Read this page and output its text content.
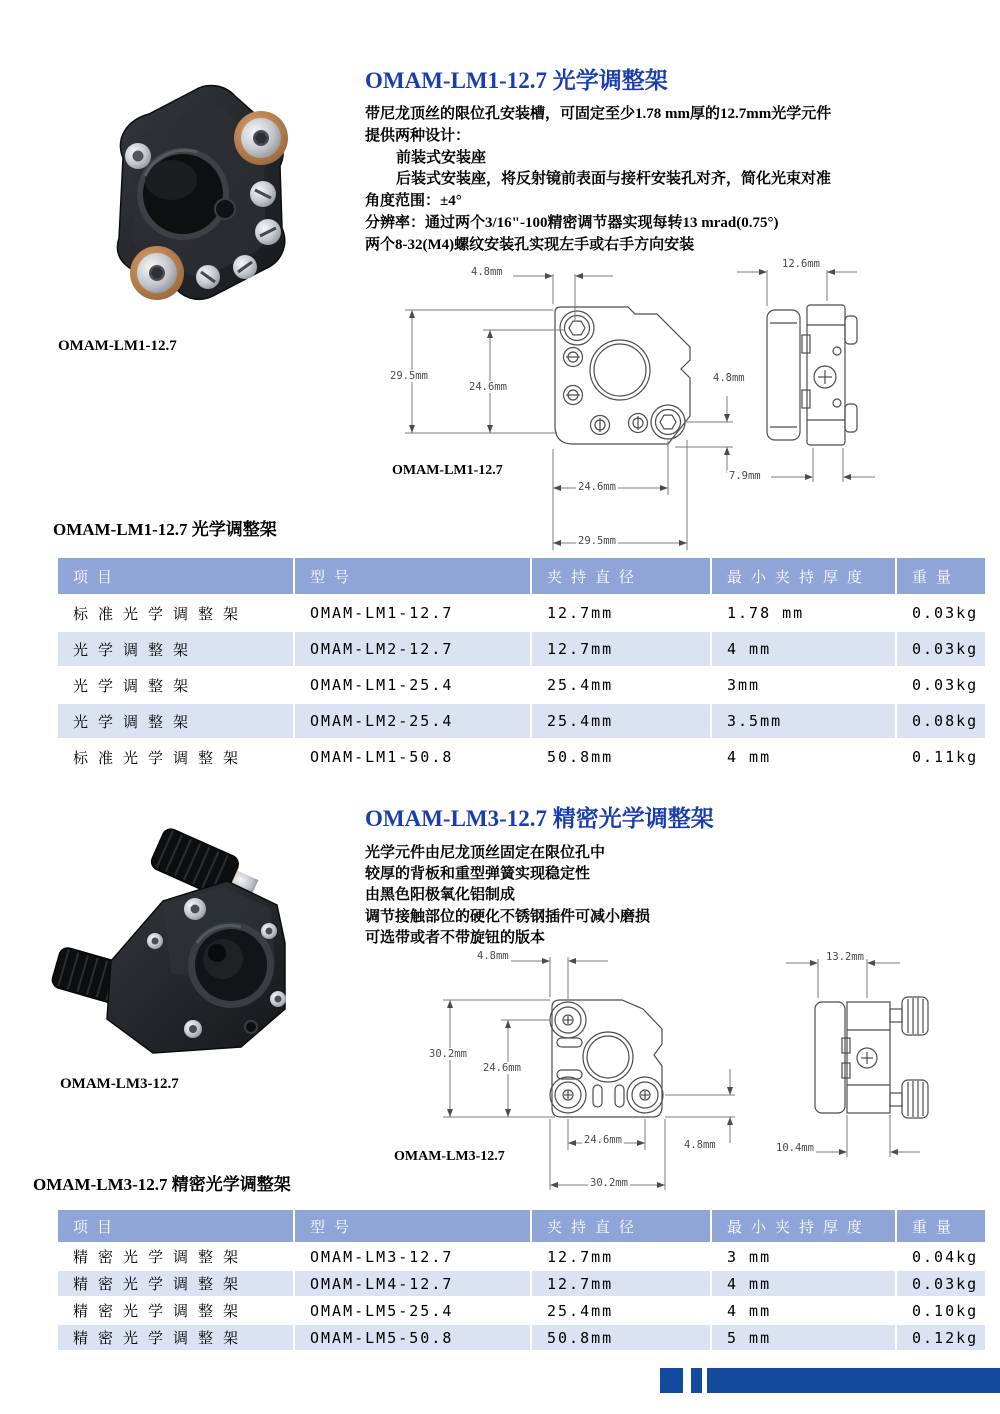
OMAM-LM1-12.7
OMAM-LM1-12.7 光学调整架
带尼龙顶丝的限位孔安装槽，可固定至少1.78 mm厚的12.7mm光学元件
提供两种设计：
前装式安装座
后装式安装座，将反射镜前表面与接杆安装孔对齐，简化光束对准
角度范围：±4°
分辨率：通过两个3/16"-100精密调节器实现每转13 mrad(0.75°)
两个8-32(M4)螺纹安装孔实现左手或右手方向安装
4.8mm
29.5mm
24.6mm
4.8mm
24.6mm
29.5mm
12.6mm
7.9mm
OMAM-LM1-12.7
OMAM-LM1-12.7 光学调整架
项目	型号	夹持直径	最小夹持厚度	重量
标准光学调整架	OMAM-LM1-12.7	12.7mm	1.78 mm	0.03kg
光学调整架	OMAM-LM2-12.7	12.7mm	4 mm	0.03kg
光学调整架	OMAM-LM1-25.4	25.4mm	3mm	0.03kg
光学调整架	OMAM-LM2-25.4	25.4mm	3.5mm	0.08kg
标准光学调整架	OMAM-LM1-50.8	50.8mm	4 mm	0.11kg
OMAM-LM3-12.7
OMAM-LM3-12.7 精密光学调整架
光学元件由尼龙顶丝固定在限位孔中
较厚的背板和重型弹簧实现稳定性
由黑色阳极氧化铝制成
调节接触部位的硬化不锈钢插件可减小磨损
可选带或者不带旋钮的版本
4.8mm
30.2mm
24.6mm
24.6mm
30.2mm
4.8mm
13.2mm
10.4mm
OMAM-LM3-12.7
OMAM-LM3-12.7 精密光学调整架
项目	型号	夹持直径	最小夹持厚度	重量
精密光学调整架	OMAM-LM3-12.7	12.7mm	3 mm	0.04kg
精密光学调整架	OMAM-LM4-12.7	12.7mm	4 mm	0.03kg
精密光学调整架	OMAM-LM5-25.4	25.4mm	4 mm	0.10kg
精密光学调整架	OMAM-LM5-50.8	50.8mm	5 mm	0.12kg
